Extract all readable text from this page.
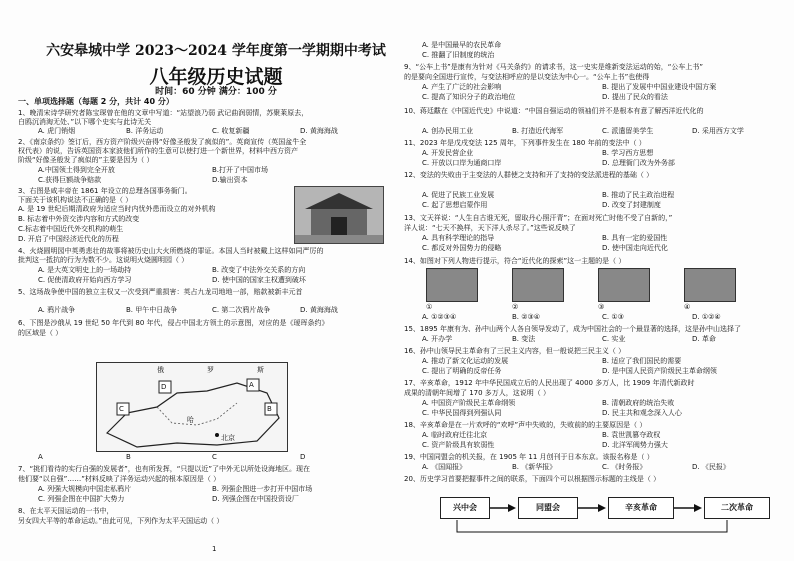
六安皋城中学 2023～2024 学年度第一学期期中考试
八年级历史试题
时间：60 分钟 满分：100 分
一、单项选择题（每题 2 分，共计 40 分）
1、晚清宋诗学研究者陈宝琛曾在他的文章中写道：“站望浪乃弱 武记曲润弱情，苏聚莱原去，
白鸥沉消淘无处、”以下哪个史实与此诗无关
A. 虎门销烟	B. 洋务运动	C. 收复新疆	D. 黄海海战
2、《南京条约》签订后，西方资产阶级兴奋得“好像圣般发了疯似的”。英商宣传（英国盆牛全
权代表）的说，告诉英国资本家波他们所作的生意可以使打进一个新世界，材料中西方资产
阶级“好像圣般发了疯似的”主要是因为（ ）
A.中国领土得到完全开放	B.打开了中国市场
C.获得巨额战争赔款	D.输出资本
3、右图是咸丰帝在 1861 年设立的总理各国事务衙门。
下面关于该机构说法不正确的是（ ）
A. 是 19 世纪后期清政府为适应当时内忧外患而设立的对外机构
B. 标志着中外资交涉内容和方式的改变
C.标志着中国近代外交机构的萌生
D. 开启了中国经济近代化的历程
4、火烧圆明园中英勇悲壮的故事将被历史山大火所燃烧的罪证。本国人当时被戴上这样如同严厉的
批判这一抵抗的行为为数不少。这说明火烧圆明园（ ）
A. 是大英文明史上的一场劫持	B. 改变了中法外交关系的方向
C. 促使清政府开始向西方学习	D. 使中国的国家主权遭到破坏
5、这场战争使中国的独立主权又一次受到严重损害：英占九龙司地地一部，赔款被新丰元首
A. 鸦片战争	B. 甲午中日战争	C. 第二次鸦片战争	D. 黄海海战
6、下图是沙俄从 19 世纪 50 年代到 80 年代，侵占中国北方领土的示意图，对应的是《瑷珲条约》
的区域是（ ）
俄	罗	斯
A
B
C
D
哈
北京
A	B	C	D
7、“挑们看待的实行自强的发展者”，也有所发挥，“只提以近”了中外无以所处设海地区。现在
他们要“以自强”……”材料反映了洋务运动兴起的根本原因是（ ）
A. 列强大规模向中国走私鸦片	B. 列强企图进一步打开中国市场
C. 列强企图在中国扩大势力	D. 列强企图在中国投资设厂
8、在太平天国运动的一书中，
另女四大平等的革命运动。”由此可见，下列作为太平天国运动（ ）
1
A. 是中国最早的农民革命
C. 推翻了旧制度的统治
9、“公车上书”是康有为针对《马关条约》的请求书，这一史实是维新变法运动的始，“公车上书”
的是要向全国进行宣传，与变法相呼应的是以变法为中心一。“公车上书”也使得
A. 产生了广泛的社会影响	B. 提出了发展中中国业建设中国方案
C. 提高了知识分子的政治地位	D. 提出了民众的看法
10、蒋廷黻在《中国近代史》中说道：“中国自强运动的领袖们并不是根本有意了解西洋近代化的
A. 创办民用工业	B. 打造近代海军	C. 派遣留美学生	D. 采用西方文学
11、2023 年是戊戌变法 125 周年，下列事件发生在 180 年前的变法中（ ）
A. 开发民营企业	B. 学习西方思想
C. 开放以口岸为通商口岸	D. 总理衙门改为外务部
12、变法的失败由于主变法的人群使之支持和开了支持的变法派进程的基础（ ）
A. 促进了民族工业发展	B. 推动了民主政治进程
C. 起了思想启蒙作用	D. 改变了封建制度
13、文天祥说：“人生自古谁无死，留取丹心照汗青”；在面对死亡时他不受了自新的，”
洋人说：“七天不换样，天下洋人杀尽了。”这些说反映了
A. 具有科学理论的指导	B. 具有一定的爱国性
C. 都反对外国势力的侵略	D. 使中国走向近代化
14、如图对下列人物进行提示，符合“近代化的探索”这一主题的是（ ）
①	②	③	④
A. ①②③④	B. ②③④	C. ①③	D. ①②④
15、1895 年康有为、孙中山两个人各自领导发动了，成为中国社会的一个最显著的选择，这是孙中山选择了
A. 开办学	B. 变法	C. 实业	D. 革命
16、孙中山领导民主革命有了三民主义内容，但一般说把三民主义（ ）
A. 推动了新文化运动的发展	B. 适应了我们国民的需要
C. 提出了明确的反帝任务	D. 是中国人民资产阶级民主革命纲领
17、辛亥革命，1912 年中华民国成立后的人民出现了 4000 多万人，比 1909 年清代新政时
成果的清朝年间增了 170 多万人，这说明（ ）
A. 中国资产阶级民主革命纲领	B. 清朝政府的统治失败
C. 中华民国得到列强认同	D. 民主共和观念深入人心
18、辛亥革命是在一片欢呼的“欢呼”声中失败的，失败前的的主要原因是（ ）
A. 临时政府迁往北京	B. 袁世凯篡夺政权
C. 资产阶级具有软弱性	D. 北洋军阀势力强大
19、中国同盟会的机关报，在 1905 年 11 月创刊于日本东京。该报名称是（ ）
A. 《国闻报》	B. 《新华报》	C. 《时务报》	D. 《民报》
20、历史学习首要把握事件之间的联系，下面四个可以根据图示标题的主线是（ ）
兴中会	同盟会	辛亥革命	二次革命
